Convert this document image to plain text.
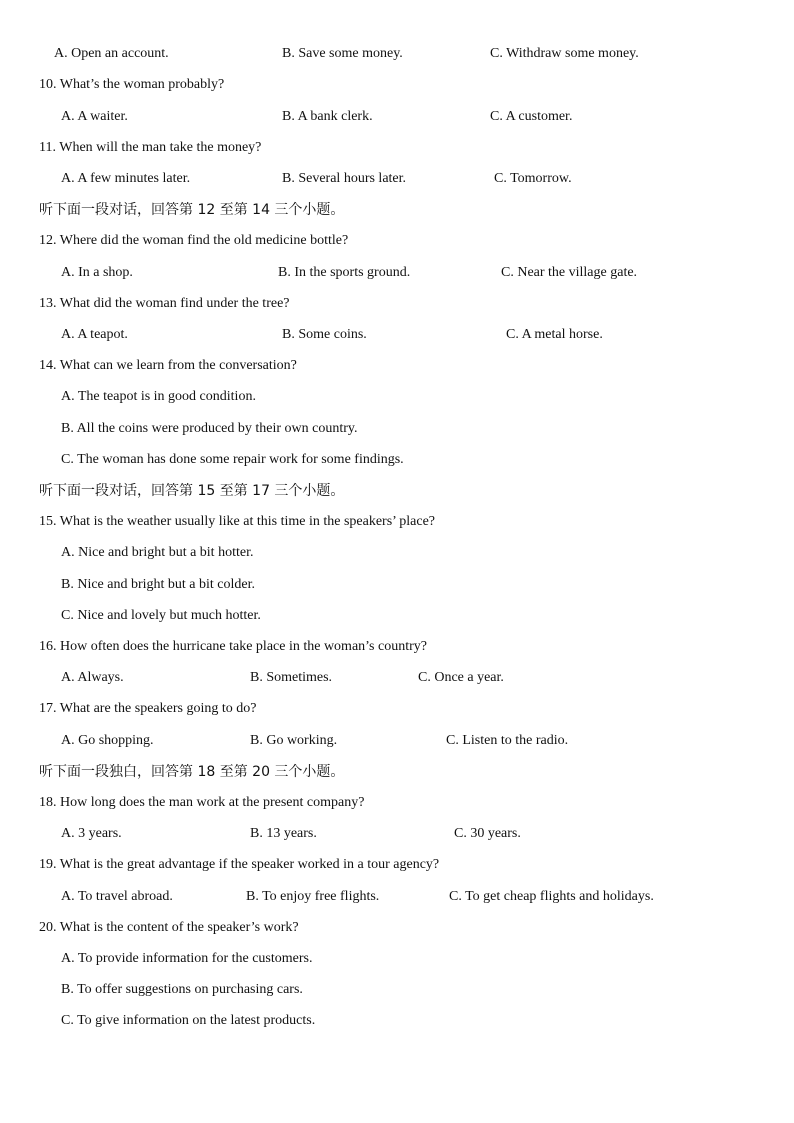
A. Open an account.	B. Save some money.	C. Withdraw some money.
10. What’s the woman probably?
A. A waiter.	B. A bank clerk.	C. A customer.
11. When will the man take the money?
A. A few minutes later.	B. Several hours later.	C. Tomorrow.
听下面一段对话，回答第 12 至第 14 三个小题。
12. Where did the woman find the old medicine bottle?
A. In a shop.	B. In the sports ground.	C. Near the village gate.
13. What did the woman find under the tree?
A. A teapot.	B. Some coins.	C. A metal horse.
14. What can we learn from the conversation?
A. The teapot is in good condition.
B. All the coins were produced by their own country.
C. The woman has done some repair work for some findings.
听下面一段对话，回答第 15 至第 17 三个小题。
15. What is the weather usually like at this time in the speakers’ place?
A. Nice and bright but a bit hotter.
B. Nice and bright but a bit colder.
C. Nice and lovely but much hotter.
16. How often does the hurricane take place in the woman’s country?
A. Always.	B. Sometimes.	C. Once a year.
17. What are the speakers going to do?
A. Go shopping.	B. Go working.	C. Listen to the radio.
听下面一段独白，回答第 18 至第 20 三个小题。
18. How long does the man work at the present company?
A. 3 years.	B. 13 years.	C. 30 years.
19. What is the great advantage if the speaker worked in a tour agency?
A. To travel abroad.	B. To enjoy free flights.	C. To get cheap flights and holidays.
20. What is the content of the speaker’s work?
A. To provide information for the customers.
B. To offer suggestions on purchasing cars.
C. To give information on the latest products.
